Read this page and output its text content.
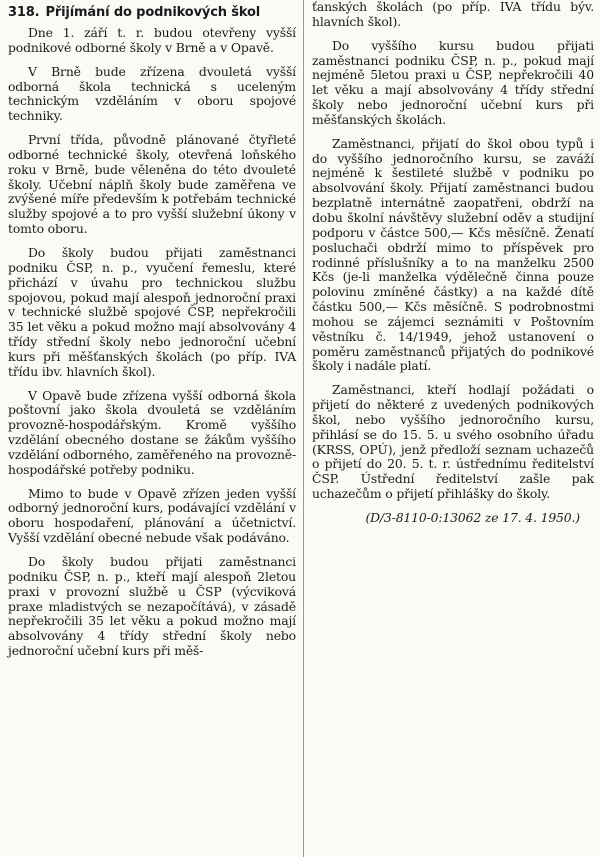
318. Přijímání do podnikových škol

Dne 1. září t. r. budou otevřeny vyšší podnikové odborné školy v Brně a v Opavě.

V Brně bude zřízena dvouletá vyšší odborná škola technická s uceleným technickým vzděláním v oboru spojové techniky.

První třída, původně plánované čtyřleté odborné technické školy, otevřená loňského roku v Brně, bude věleněna do této dvouleté školy. Učební náplň školy bude zaměřena ve zvýšené míře především k potřebám technické služby spojové a to pro vyšší služební úkony v tomto oboru.

Do školy budou přijati zaměstnanci podniku ČSP, n. p., vyučení řemeslu, které přichází v úvahu pro technickou službu spojovou, pokud mají alespoň jednoroční praxi v technické službě spojové ČSP, nepřekročili 35 let věku a pokud možno mají absolvovány 4 třídy střední školy nebo jednoroční učební kurs při měšťanských školách (po příp. IVA třídu ibv. hlavních škol).

V Opavě bude zřízena vyšší odborná škola poštovní jako škola dvouletá se vzděláním provozně-hospodářským. Kromě vyššího vzdělání obecného dostane se žákům vyššího vzdělání odborného, zaměřeného na provozně-hospodářské potřeby podniku.

Mimo to bude v Opavě zřízen jeden vyšší odborný jednoroční kurs, podávající vzdělání v oboru hospodaření, plánování a účetnictví. Vyšší vzdělání obecné nebude však podáváno.

Do školy budou přijati zaměstnanci podniku ČSP, n. p., kteří mají alespoň 2letou praxi v provozní službě u ČSP (výcviková praxe mladistvých se nezapočítává), v zásadě nepřekročili 35 let věku a pokud možno mají absolvovány 4 třídy střední školy nebo jednoroční učební kurs při měš-

ťanských školách (po příp. IVA třídu býv. hlavních škol).

Do vyššího kursu budou přijati zaměstnanci podniku ČSP, n. p., pokud mají nejméně 5letou praxi u ČSP, nepřekročili 40 let věku a mají absolvovány 4 třídy střední školy nebo jednoroční učební kurs při měšťanských školách.

Zaměstnanci, přijatí do škol obou typů i do vyššího jednoročního kursu, se zaváží nejméně k šestileté službě v podniku po absolvování školy. Přijatí zaměstnanci budou bezplatně internátně zaopatřeni, obdrží na dobu školní návštěvy služební oděv a studijní podporu v částce 500,— Kčs měsíčně. Ženatí posluchači obdrží mimo to příspěvek pro rodinné příslušníky a to na manželku 2500 Kčs (je-li manželka výdělečně činna pouze polovinu zmíněné částky) a na každé dítě částku 500,— Kčs měsíčně. S podrobnostmi mohou se zájemci seznámiti v Poštovním věstníku č. 14/1949, jehož ustanovení o poměru zaměstnanců přijatých do podnikové školy i nadále platí.

Zaměstnanci, kteří hodlají požádati o přijetí do některé z uvedených podnikových škol, nebo vyššího jednoročního kursu, přihlásí se do 15. 5. u svého osobního úřadu (KRSS, OPÚ), jenž předloží seznam uchazečů o přijetí do 20. 5. t. r. ústřednímu ředitelství ČSP. Ústřední ředitelství zašle pak uchazečům o přijetí přihlášky do školy.

(D/3-8110-0:13062 ze 17. 4. 1950.)
